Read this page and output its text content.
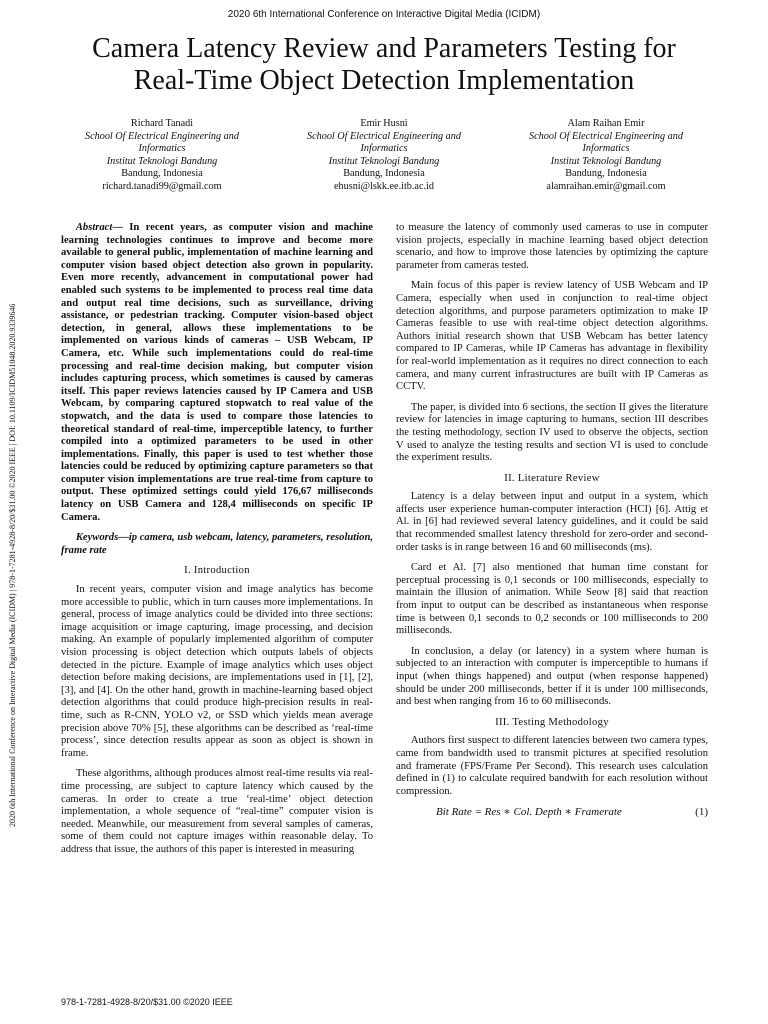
2020 6th International Conference on Interactive Digital Media (ICIDM)
Camera Latency Review and Parameters Testing for
Real-Time Object Detection Implementation
Richard Tanadi
School Of Electrical Engineering and
Informatics
Institut Teknologi Bandung
Bandung, Indonesia
richard.tanadi99@gmail.com
Emir Husni
School Of Electrical Engineering and
Informatics
Institut Teknologi Bandung
Bandung, Indonesia
ehusni@lskk.ee.itb.ac.id
Alam Raihan Emir
School Of Electrical Engineering and
Informatics
Institut Teknologi Bandung
Bandung, Indonesia
alamraihan.emir@gmail.com
2020 6th International Conference on Interactive Digital Media (ICIDM) | 978-1-7281-4928-8/20/$31.00 ©2020 IEEE | DOI: 10.1109/ICIDM51048.2020.9339646

Abstract— In recent years, as computer vision and machine learning technologies continues to improve and become more available to general public, implementation of machine learning and computer vision based object detection also grown in popularity. Even more recently, advancement in computational power had enabled such systems to be implemented to process real time data and output real time decisions, such as surveillance, driving assistance, or pedestrian tracking. Computer vision-based object detection, in general, allows these implementations to be implemented on various kinds of cameras – USB Webcam, IP Camera, etc. While such implementations could do real-time processing and real-time decision making, but computer vision includes capturing process, which sometimes is caused by cameras itself. This paper reviews latencies caused by IP Camera and USB Webcam, by comparing captured stopwatch to real value of the stopwatch, and the data is used to compare those latencies to theoretical standard of real-time, imperceptible latency, to further compiled into a optimized parameters to be used in other implementations. Finally, this paper is used to test whether those latencies could be reduced by optimizing capture parameters so that computer vision implementations are true real-time from capture to output. These optimized settings could yield 176,67 milliseconds latency on USB Camera and 128,4 milliseconds on specific IP Camera.

Keywords—ip camera, usb webcam, latency, parameters, resolution, frame rate

I. Introduction

In recent years, computer vision and image analytics has become more accessible to public, which in turn causes more implementations. In general, process of image analytics could be divided into three sections: image acquisition or image capturing, image processing, and decision making. An example of popularly implemented algorithm of computer vision processing is object detection which outputs labels of objects detected in the picture. Example of image analytics which uses object detection before making decisions, are implementations used in [1], [2], [3], and [4]. On the other hand, growth in machine-learning based object detection algorithms that could produce high-precision results in real-time, such as R-CNN, YOLO v2, or SSD which yields mean average precision above 70% [5], these algorithms can be described as ‘real-time process’, since detection results appear as soon as object is shown in frame.

These algorithms, although produces almost real-time results via real-time processing, are subject to capture latency which caused by the cameras. In order to create a true ‘real-time’ object detection implementation, a whole sequence of “real-time” computer vision is needed. Meanwhile, our measurement from several samples of cameras, some of them could not capture images within reasonable delay. To address that issue, the authors of this paper is interested in measuring

to measure the latency of commonly used cameras to use in computer vision projects, especially in machine learning based object detection scenario, and how to improve those latencies by optimizing the capture parameter from cameras tested.

Main focus of this paper is review latency of USB Webcam and IP Camera, especially when used in conjunction to real-time object detection algorithms, and purpose parameters optimization to make IP Cameras feasible to use with real-time object detection algorithms. Authors initial research shown that USB Webcam has better latency compared to IP Cameras, while IP Cameras has advantage in flexibility for real-world implementation as it requires no direct connection to each camera, and many current infrastructures are built with IP Cameras as CCTV.

The paper, is divided into 6 sections, the section II gives the literature review for latencies in image capturing to humans, section III describes the testing methodology, section IV used to observe the objects, section V used to analyze the testing results and section VI is used to conclude the experiment results.

II. Literature Review

Latency is a delay between input and output in a system, which affects user experience human-computer interaction (HCI) [6]. Attig et Al. in [6] had reviewed several latency guidelines, and it could be said that recommended smallest latency threshold for zero-order and second-order tasks is in range between 16 and 60 milliseconds (ms).

Card et Al. [7] also mentioned that human time constant for perceptual processing is 0,1 seconds or 100 milliseconds, especially to maintain the illusion of animation. While Seow [8] said that reaction from input to output can be described as instantaneous when response time is between 0,1 seconds to 0,2 seconds or 100 milliseconds to 200 milliseconds.

In conclusion, a delay (or latency) in a system where human is subjected to an interaction with computer is imperceptible to humans if input (when things happened) and output (when response happened) should be under 200 milliseconds, better if it is under 100 milliseconds, and best when ranging from 16 to 60 milliseconds.

III. Testing Methodology

Authors first suspect to different latencies between two camera types, came from bandwidth used to transmit pictures at specified resolution and framerate (FPS/Frame Per Second). This research uses calculation defined in (1) to calculate required bandwith for each resolution without compression.

Bit Rate = Res ∗ Col. Depth ∗ Framerate	(1)
978-1-7281-4928-8/20/$31.00 ©2020 IEEE
